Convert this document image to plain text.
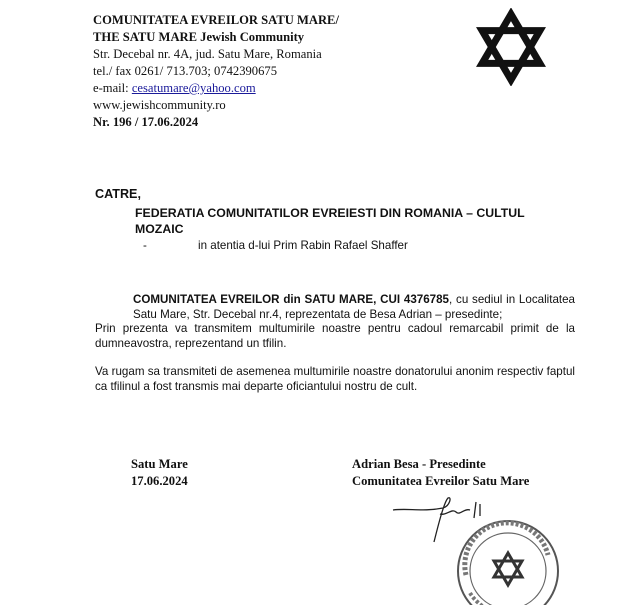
COMUNITATEA EVREILOR SATU MARE/
THE SATU MARE Jewish Community
Str. Decebal nr. 4A, jud. Satu Mare, Romania
tel./ fax 0261/ 713.703; 0742390675
e-mail: cesatumare@yahoo.com
www.jewishcommunity.ro
Nr. 196 / 17.06.2024
CATRE,
FEDERATIA COMUNITATILOR EVREIESTI DIN ROMANIA – CULTUL MOZAIC
-	in atentia d-lui Prim Rabin Rafael Shaffer

COMUNITATEA EVREILOR din SATU MARE, CUI 4376785, cu sediul in Localitatea Satu Mare, Str. Decebal nr.4, reprezentata de Besa Adrian – presedinte;

Prin prezenta va transmitem multumirile noastre pentru cadoul remarcabil primit de la dumneavostra, reprezentand un tfilin.

Va rugam sa transmiteti de asemenea multumirile noastre donatorului anonim respectiv faptul ca tfilinul a fost transmis mai departe oficiantului nostru de cult.

Satu Mare
17.06.2024
Adrian Besa - Presedinte
Comunitatea Evreilor Satu Mare
